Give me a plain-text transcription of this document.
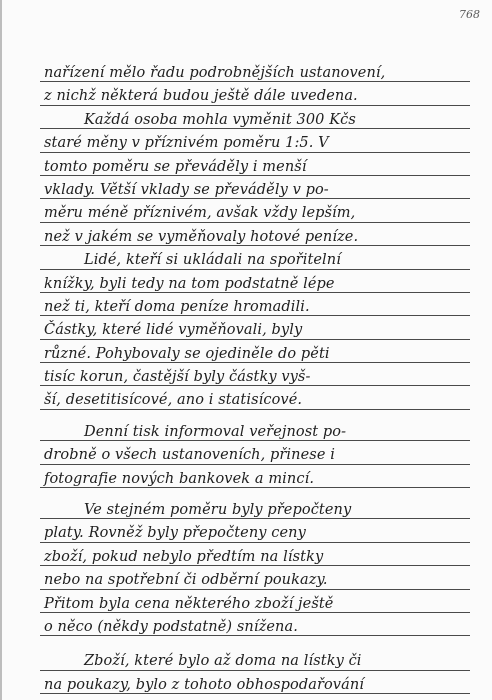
768
nařízení mělo řadu podrobnějších ustanovení,
z nichž některá budou ještě dále uvedena.
Každá osoba mohla vyměnit 300 Kčs
staré měny v příznivém poměru 1:5. V
tomto poměru se převáděly i menší
vklady. Větší vklady se převáděly v po-
měru méně příznivém, avšak vždy lepším,
než v jakém se vyměňovaly hotové peníze.
Lidé, kteří si ukládali na spořitelní
knížky, byli tedy na tom podstatně lépe
než ti, kteří doma peníze hromadili.
Částky, které lidé vyměňovali, byly
různé. Pohybovaly se ojediněle do pěti
tisíc korun, častější byly částky vyš-
ší, desetitisícové, ano i statisícové.
Denní tisk informoval veřejnost po-
drobně o všech ustanoveních, přinese i
fotografie nových bankovek a mincí.
Ve stejném poměru byly přepočteny
platy. Rovněž byly přepočteny ceny
zboží, pokud nebylo předtím na lístky
nebo na spotřební či odběrní poukazy.
Přitom byla cena některého zboží ještě
o něco (někdy podstatně) snížena.
Zboží, které bylo až doma na lístky či
na poukazy, bylo z tohoto obhospodařování
